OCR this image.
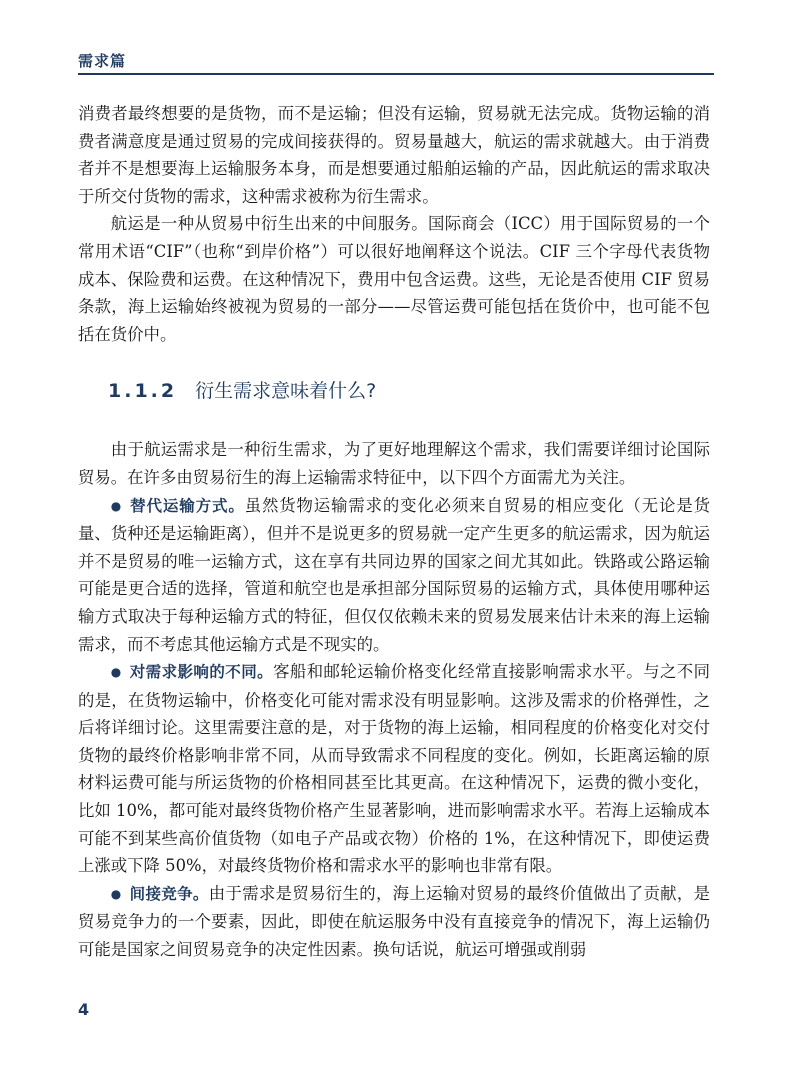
需求篇

消费者最终想要的是货物，而不是运输；但没有运输，贸易就无法完成。货物运输的消费者满意度是通过贸易的完成间接获得的。贸易量越大，航运的需求就越大。由于消费者并不是想要海上运输服务本身，而是想要通过船舶运输的产品，因此航运的需求取决于所交付货物的需求，这种需求被称为衍生需求。

航运是一种从贸易中衍生出来的中间服务。国际商会（ICC）用于国际贸易的一个常用术语“CIF”（也称“到岸价格”）可以很好地阐释这个说法。CIF 三个字母代表货物成本、保险费和运费。在这种情况下，费用中包含运费。这些，无论是否使用 CIF 贸易条款，海上运输始终被视为贸易的一部分——尽管运费可能包括在货价中，也可能不包括在货价中。

1.1.2 衍生需求意味着什么?

由于航运需求是一种衍生需求，为了更好地理解这个需求，我们需要详细讨论国际贸易。在许多由贸易衍生的海上运输需求特征中，以下四个方面需尤为关注。

● 替代运输方式。虽然货物运输需求的变化必须来自贸易的相应变化（无论是货量、货种还是运输距离），但并不是说更多的贸易就一定产生更多的航运需求，因为航运并不是贸易的唯一运输方式，这在享有共同边界的国家之间尤其如此。铁路或公路运输可能是更合适的选择，管道和航空也是承担部分国际贸易的运输方式，具体使用哪种运输方式取决于每种运输方式的特征，但仅仅依赖未来的贸易发展来估计未来的海上运输需求，而不考虑其他运输方式是不现实的。

● 对需求影响的不同。客船和邮轮运输价格变化经常直接影响需求水平。与之不同的是，在货物运输中，价格变化可能对需求没有明显影响。这涉及需求的价格弹性，之后将详细讨论。这里需要注意的是，对于货物的海上运输，相同程度的价格变化对交付货物的最终价格影响非常不同，从而导致需求不同程度的变化。例如，长距离运输的原材料运费可能与所运货物的价格相同甚至比其更高。在这种情况下，运费的微小变化，比如 10%，都可能对最终货物价格产生显著影响，进而影响需求水平。若海上运输成本可能不到某些高价值货物（如电子产品或衣物）价格的 1%，在这种情况下，即使运费上涨或下降 50%，对最终货物价格和需求水平的影响也非常有限。

● 间接竞争。由于需求是贸易衍生的，海上运输对贸易的最终价值做出了贡献，是贸易竞争力的一个要素，因此，即使在航运服务中没有直接竞争的情况下，海上运输仍可能是国家之间贸易竞争的决定性因素。换句话说，航运可增强或削弱

4
